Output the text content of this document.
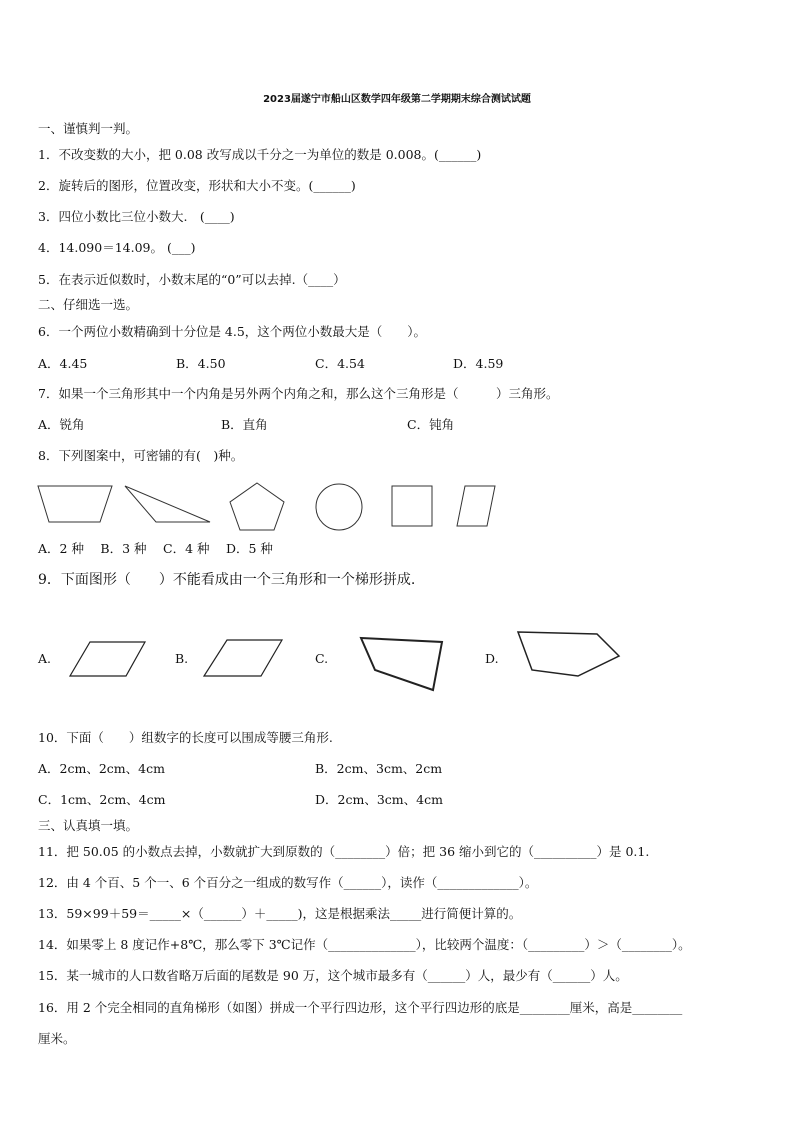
2023届遂宁市船山区数学四年级第二学期期末综合测试试题
一、谨慎判一判。
1．不改变数的大小，把 0.08 改写成以千分之一为单位的数是 0.008。(______)
2．旋转后的图形，位置改变，形状和大小不变。(______)
3．四位小数比三位小数大.　(____)
4．14.090＝14.09。 (___)
5．在表示近似数时，小数末尾的“0”可以去掉.（____）
二、仔细选一选。
6．一个两位小数精确到十分位是 4.5，这个两位小数最大是（　　）。
A．4.45	B．4.50	C．4.54	D．4.59
7．如果一个三角形其中一个内角是另外两个内角之和，那么这个三角形是（　　　）三角形。
A．锐角	B．直角	C．钝角
8．下列图案中，可密铺的有(　)种。
A．2 种　 B．3 种　 C．4 种　 D．5 种
9．下面图形（　　）不能看成由一个三角形和一个梯形拼成.
A.	B.	C.	D.
10．下面（　　）组数字的长度可以围成等腰三角形.
A．2cm、2cm、4cm	B．2cm、3cm、2cm
C．1cm、2cm、4cm	D．2cm、3cm、4cm
三、认真填一填。
11．把 50.05 的小数点去掉，小数就扩大到原数的（________）倍；把 36 缩小到它的（__________）是 0.1.
12．由 4 个百、5 个一、6 个百分之一组成的数写作（______），读作（_____________）。
13．59×99＋59＝_____×（______）＋_____)，这是根据乘法_____进行简便计算的。
14．如果零上 8 度记作+8℃，那么零下 3℃记作（______________），比较两个温度：（_________）＞（________）。
15．某一城市的人口数省略万后面的尾数是 90 万，这个城市最多有（______）人，最少有（______）人。
16．用 2 个完全相同的直角梯形（如图）拼成一个平行四边形，这个平行四边形的底是________厘米，高是________
厘米。
